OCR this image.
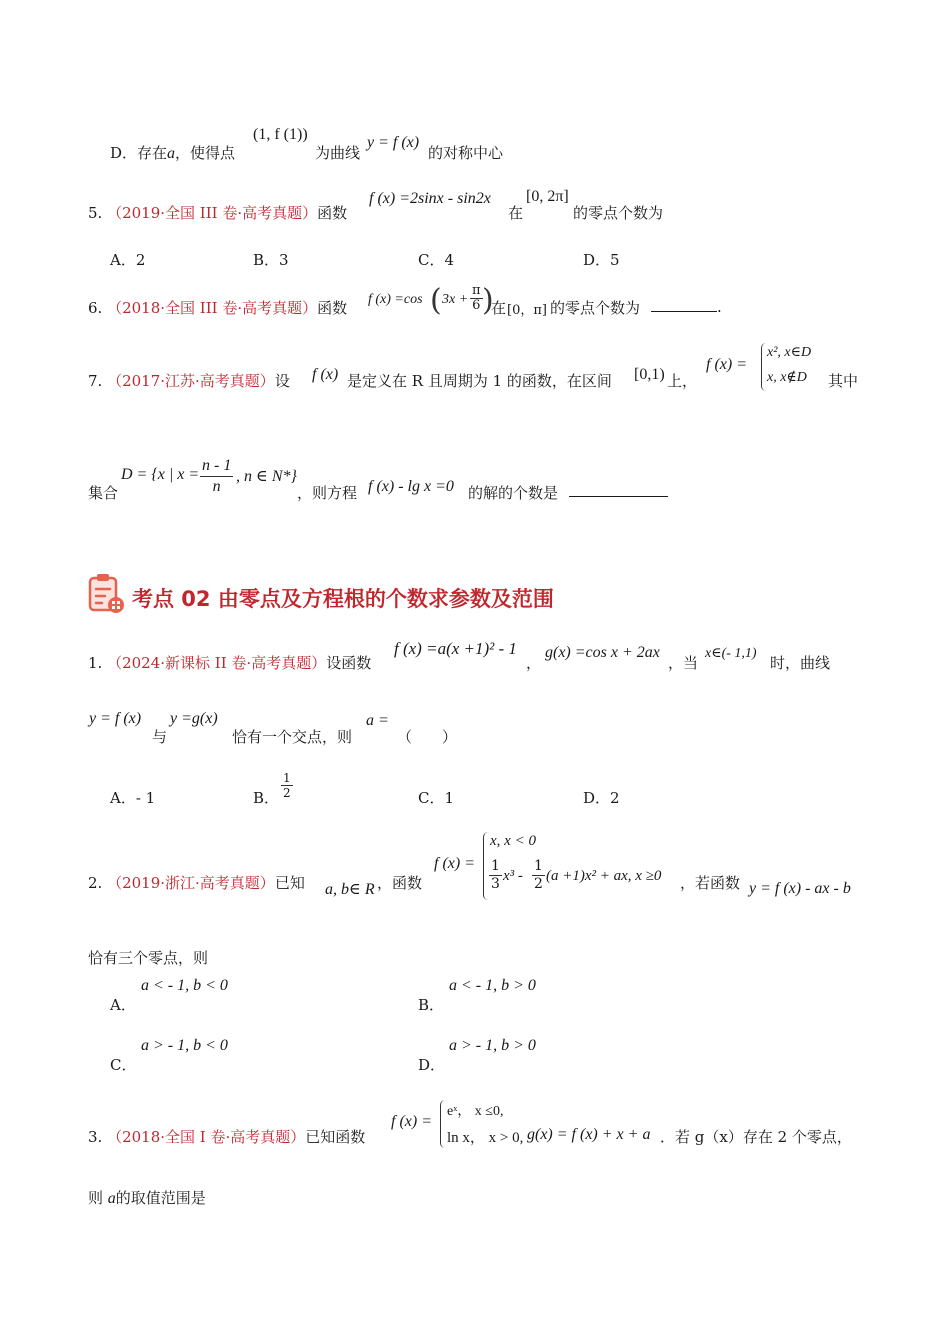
D．存在a，使得点
(1, f (1))
为曲线
y = f (x)
的对称中心
5. （2019·全国 III 卷·高考真题）函数
f (x) =2sinx - sin2x
在
[0, 2π]
的零点个数为
A．2	B．3	C．4	D．5
6. （2018·全国 III 卷·高考真题）函数 f (x) =cos ( $3x + \frac{\pi}{6}$ )
在 [0，π] 的零点个数为	.
7. （2017·江苏·高考真题）设 f (x) 是定义在 R 且周期为 1 的函数，在区间 [0,1) 上，
f (x) =
x², x∈D
x, x∉D 其中
集合
D = {x | $x = \frac{n - 1}{n}$ , n ∈ N*}
，则方程 f (x) - lg x =0 的解的个数是
考点 02 由零点及方程根的个数求参数及范围
1. （2024·新课标 II 卷·高考真题）设函数
f (x) =a(x +1)² - 1
，
g(x) =cos x + 2ax
，当
x∈(- 1,1)
时，曲线
y = f (x)
与
y =g(x)
恰有一个交点，则
a =
（　　）
A．- 1	B． $\frac{1}{2}$	C．1	D．2
2. （2019·浙江·高考真题）已知 a, b∈ R ，函数
f (x) =
x, x < 0
$\frac{1}{3} x^3 - \frac{1}{2} (a +1)x^2$ + ax, x ≥0 ，若函数 y = f (x) - ax - b
恰有三个零点，则
A．
a < - 1, b < 0
B．
a < - 1, b > 0
C．
a > - 1, b < 0
D．
a > - 1, b > 0
3. （2018·全国 I 卷·高考真题）已知函数
f (x) =
eˣ， x ≤0,
ln x， x > 0, g(x) = f (x) + x + a ．若 g（x）存在 2 个零点，
则 a的取值范围是
